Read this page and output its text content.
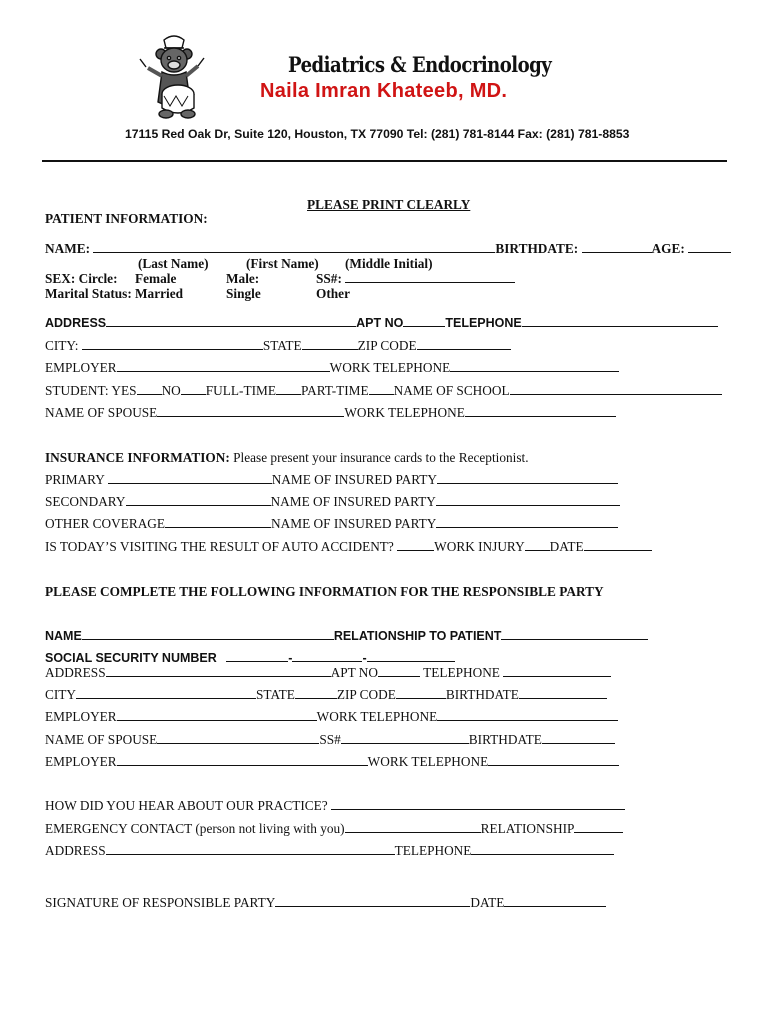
Pediatrics & Endocrinology
Naila Imran Khateeb, MD.
17115 Red Oak Dr, Suite 120, Houston, TX 77090 Tel: (281) 781-8144 Fax: (281) 781-8853
PLEASE PRINT CLEARLY
PATIENT INFORMATION:
NAME:	BIRTHDATE:	AGE:
(Last Name)	(First Name) (Middle Initial)
SEX: Circle: Female	Male:	SS#:
Marital Status: Married	Single	Other
ADDRESS	APT NO	TELEPHONE
CITY:	STATE	ZIP CODE
EMPLOYER	WORK TELEPHONE
STUDENT: YES NO FULL-TIME PART-TIME NAME OF SCHOOL
NAME OF SPOUSE	WORK TELEPHONE
INSURANCE INFORMATION: Please present your insurance cards to the Receptionist.
PRIMARY	NAME OF INSURED PARTY
SECONDARY	NAME OF INSURED PARTY
OTHER COVERAGE	NAME OF INSURED PARTY
IS TODAY’S VISITING THE RESULT OF AUTO ACCIDENT?	WORK INJURY DATE
PLEASE COMPLETE THE FOLLOWING INFORMATION FOR THE RESPONSIBLE PARTY
NAME	RELATIONSHIP TO PATIENT
SOCIAL SECURITY NUMBER	-	-
ADDRESS	APT NO	TELEPHONE
CITY	STATE	ZIP CODE	BIRTHDATE
EMPLOYER	WORK TELEPHONE
NAME OF SPOUSE	SS#	BIRTHDATE
EMPLOYER	WORK TELEPHONE
HOW DID YOU HEAR ABOUT OUR PRACTICE?
EMERGENCY CONTACT (person not living with you)	RELATIONSHIP
ADDRESS	TELEPHONE
SIGNATURE OF RESPONSIBLE PARTY	DATE
